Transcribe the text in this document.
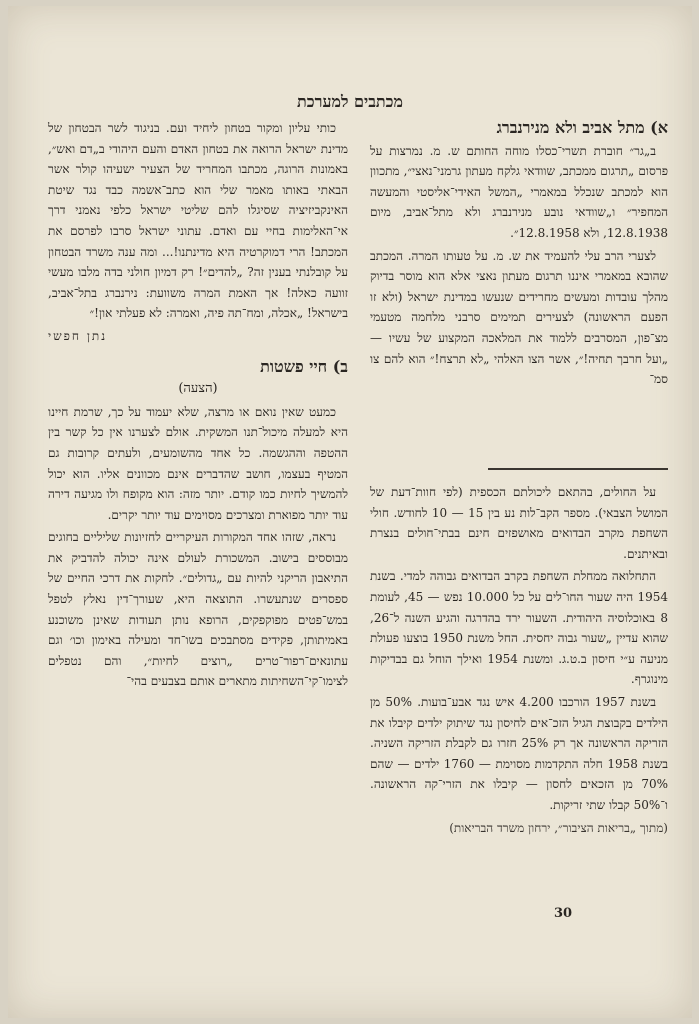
מכתבים למערכת

א) מתל אביב ולא מנירנברג

ב„גר״ חוברת תשרי־כסלו מוחה החותם ש. מ. נמרצות על פרסום „תרגום ממכתב, שוודאי גלקח מעתון גרמני־נאצי״, מתכוון הוא למכתב שנכלל במאמרי „המשל האידי־אליסטי והמעשה המחפיר״ ו„שוודאי נובע מנירנברג ולא מתל־אביב, מיום 12.8.1938, ולא 12.8.1958״.

לצערי הרב עלי להעמיד את ש. מ. על טעותו המרה. המכתב שהובא במאמרי איננו תרגום מעתון נאצי אלא הוא מוסר בדיוק מהלך עובדות ומעשים מחרידים שנעשו במדינת ישראל (ולא זו הפעם הראשונה) לצעירים תמימים סרבני מלחמה מטעמי מצ־פון, המסרבים ללמוד את המלאכה המקצוע של עשיו — „ועל חרבך תחיה!״, אשר הצו האלהי „לא תרצח!״ הוא להם צו סמ־

כותי עליון ומקור בטחון ליחיד ועם. בניגוד לשר הבטחון של מדינת ישראל הרואה את בטחון האדם והעם היהודי ב„דם ואש״, באמונות הרוגה, מכתבו המחריד של הצעיר ישעיהו קולר אשר הבאתי באותו מאמר שלי הוא כתב־אשמה כבד נגד שיטת האינקביזיציה שסיגלו להם שליטי ישראל כלפי נאמני דרך אי־האלימות בחיי עם ואדם. עתוני ישראל סרבו לפרסם את המכתב! הרי דמוקרטיה היא מדינתנו!... ומה ענה משרד הבטחון על קובלנתי בענין זה? „להדים״! רק דמיון חולני בדה מלבו מעשי זוועה כאלה! אך האמת המרה משוועת: נירנברג בתל־אביב, בישראל! „אכלה, ומח־תה פיה, ואמרה: לא פעלתי און!״

נתן חפשי

ב) חיי פשטות

(הצעה)

כמעט שאין נואם או מרצה, שלא יעמוד על כך, שרמת חיינו היא למעלה מיכול־תנו המשקית. אולם לצערנו אין כל קשר בין ההטפה וההגשמה. כל אחד מהשומעים, ולעתים קרובות גם המטיף בעצמו, חושב שהדברים אינם מכוונים אליו. הוא יכול להמשיך לחיות כמו קודם. יותר מזה: הוא מקופח ולו מגיעה דירה עוד יותר מפוארת ומצרכים מסוימים עוד יותר יקרים.

נראה, שזהו אחד המקורות העיקריים לחזיונות שליליים בחוגים מבוססים בישוב. המשכורת לעולם אינה יכולה להדביק את התיאבון הריקני להיות עם „גדולים״. לחקות את דרכי החיים של ספסרים שנתעשרו. התוצאה היא, שעורך־דין נאלץ לטפל במש־פטים מפוקפקים, הרופא נותן תעודות שאינן משוכנע באמיתותן, פקידים מסתבכים בשו־חד ומעילה באימון וכו׳ וגם עתונאים־רפור־טרים „רוצים לחיות״, והם נטפלים לצימו־קי־השחיתות מתארים אותם בצבעים בהי־

על החולים, בהתאם ליכולתם הכספית (לפי חוות־דעת של המושל הצבאי). מספר הקב־לות נע בין 15 — 10 לחודש. חולי השחפת מקרב הבדואים מאושפזים חינם בבתי־חולים בנצרת ובאיתנים.

התחלואה ממחלת השחפת בקרב הבדואים גבוהה למדי. בשנת 1954 היה שעור החו־לים על כל 10.000 נפש — 45, לעומת 8 באוכלוסיה היהודית. השעור ירד בהדרגה והגיע השנה ל־26, שהוא עדיין „שעור גבוה יחסית. החל משנת 1950 בוצעו פעולת מניעה ע״י חיסון ב.ט.ג. ומשנת 1954 ואילך הוחל גם בבדיקות מינוגרף.

בשנת 1957 הורכבו 4.200 איש נגד אבע־בועות. 50% מן הילדים בקבוצת הגיל הזכ־אים לחיסון נגד שיתוק ילדים קיבלו את הזריקה הראשונה אך רק 25% חזרו גם לקבלת הזריקה השניה. בשנת 1958 חלה התקדמות מסוימת — 1760 ילדים — שהם 70% מן הזכאים לחסון — קיבלו את הזרי־קה הראשונה. ו־50% קבלו שתי זריקות.

(מתוך „בריאות הציבור״, ירחון משרד הבריאות)

30
